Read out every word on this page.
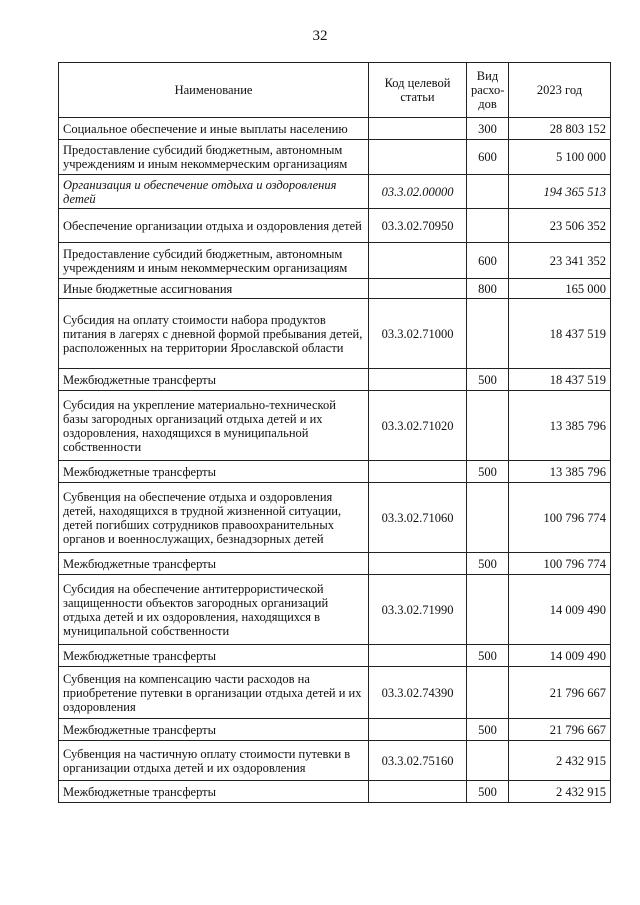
32
Наименование	Код целевой статьи	Вид расхо-дов	2023 год
Социальное обеспечение и иные выплаты населению		300	28 803 152
Предоставление субсидий бюджетным, автономным учреждениям и иным некоммерческим организациям		600	5 100 000
Организация и обеспечение отдыха и оздоровления детей	03.3.02.00000		194 365 513
Обеспечение организации отдыха и оздоровления детей	03.3.02.70950		23 506 352
Предоставление субсидий бюджетным, автономным учреждениям и иным некоммерческим организациям		600	23 341 352
Иные бюджетные ассигнования		800	165 000
Субсидия на оплату стоимости набора продуктов питания в лагерях с дневной формой пребывания детей, расположенных на территории Ярославской области	03.3.02.71000		18 437 519
Межбюджетные трансферты		500	18 437 519
Субсидия на укрепление материально-технической базы загородных организаций отдыха детей и их оздоровления, находящихся в муниципальной собственности	03.3.02.71020		13 385 796
Межбюджетные трансферты		500	13 385 796
Субвенция на обеспечение отдыха и оздоровления детей, находящихся в трудной жизненной ситуации, детей погибших сотрудников правоохранительных органов и военнослужащих, безнадзорных детей	03.3.02.71060		100 796 774
Межбюджетные трансферты		500	100 796 774
Субсидия на обеспечение антитеррористической защищенности объектов загородных организаций отдыха детей и их оздоровления, находящихся в муниципальной собственности	03.3.02.71990		14 009 490
Межбюджетные трансферты		500	14 009 490
Субвенция на компенсацию части расходов на приобретение путевки в организации отдыха детей и их оздоровления	03.3.02.74390		21 796 667
Межбюджетные трансферты		500	21 796 667
Субвенция на частичную оплату стоимости путевки в организации отдыха детей и их оздоровления	03.3.02.75160		2 432 915
Межбюджетные трансферты		500	2 432 915
